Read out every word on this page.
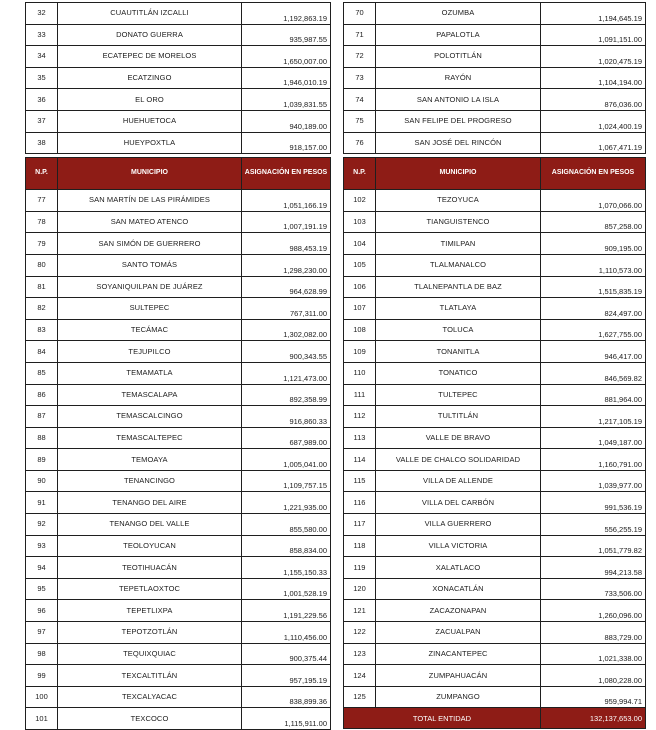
32	CUAUTITLÁN IZCALLI	1,192,863.19
33	DONATO GUERRA	935,987.55
34	ECATEPEC DE MORELOS	1,650,007.00
35	ECATZINGO	1,946,010.19
36	EL ORO	1,039,831.55
37	HUEHUETOCA	940,189.00
38	HUEYPOXTLA	918,157.00
N.P.	MUNICIPIO	ASIGNACIÓN EN PESOS
77	SAN MARTÍN DE LAS PIRÁMIDES	1,051,166.19
78	SAN MATEO ATENCO	1,007,191.19
79	SAN SIMÓN DE GUERRERO	988,453.19
80	SANTO TOMÁS	1,298,230.00
81	SOYANIQUILPAN DE JUÁREZ	964,628.99
82	SULTEPEC	767,311.00
83	TECÁMAC	1,302,082.00
84	TEJUPILCO	900,343.55
85	TEMAMATLA	1,121,473.00
86	TEMASCALAPA	892,358.99
87	TEMASCALCINGO	916,860.33
88	TEMASCALTEPEC	687,989.00
89	TEMOAYA	1,005,041.00
90	TENANCINGO	1,109,757.15
91	TENANGO DEL AIRE	1,221,935.00
92	TENANGO DEL VALLE	855,580.00
93	TEOLOYUCAN	858,834.00
94	TEOTIHUACÁN	1,155,150.33
95	TEPETLAOXTOC	1,001,528.19
96	TEPETLIXPA	1,191,229.56
97	TEPOTZOTLÁN	1,110,456.00
98	TEQUIXQUIAC	900,375.44
99	TEXCALTITLÁN	957,195.19
100	TEXCALYACAC	838,899.36
101	TEXCOCO	1,115,911.00
70	OZUMBA	1,194,645.19
71	PAPALOTLA	1,091,151.00
72	POLOTITLÁN	1,020,475.19
73	RAYÓN	1,104,194.00
74	SAN ANTONIO LA ISLA	876,036.00
75	SAN FELIPE DEL PROGRESO	1,024,400.19
76	SAN JOSÉ DEL RINCÓN	1,067,471.19
N.P.	MUNICIPIO	ASIGNACIÓN EN PESOS
102	TEZOYUCA	1,070,066.00
103	TIANGUISTENCO	857,258.00
104	TIMILPAN	909,195.00
105	TLALMANALCO	1,110,573.00
106	TLALNEPANTLA DE BAZ	1,515,835.19
107	TLATLAYA	824,497.00
108	TOLUCA	1,627,755.00
109	TONANITLA	946,417.00
110	TONATICO	846,569.82
111	TULTEPEC	881,964.00
112	TULTITLÁN	1,217,105.19
113	VALLE DE BRAVO	1,049,187.00
114	VALLE DE CHALCO SOLIDARIDAD	1,160,791.00
115	VILLA DE ALLENDE	1,039,977.00
116	VILLA DEL CARBÓN	991,536.19
117	VILLA GUERRERO	556,255.19
118	VILLA VICTORIA	1,051,779.82
119	XALATLACO	994,213.58
120	XONACATLÁN	733,506.00
121	ZACAZONAPAN	1,260,096.00
122	ZACUALPAN	883,729.00
123	ZINACANTEPEC	1,021,338.00
124	ZUMPAHUACÁN	1,080,228.00
125	ZUMPANGO	959,994.71
TOTAL ENTIDAD		132,137,653.00
